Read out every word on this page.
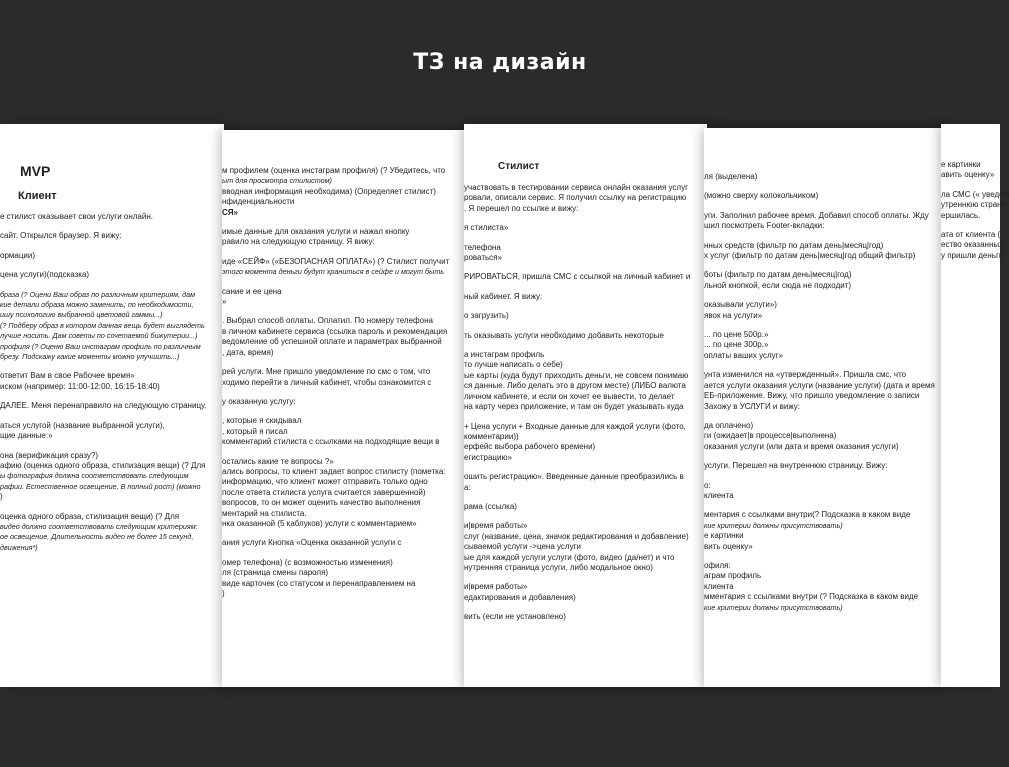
ТЗ на дизайн
MVP
Клиент
е стилист оказывает свои услуги онлайн.
сайт. Открылся браузер. Я вижу:
ормации)
цена услуги)(подсказка)
браза (? Оцени Ваш образ по различным критериям, дам
кие детали образа можно заменить; по необходимости,
ишу психологию выбранной цветовой гаммы...)
(? Подберу образ в котором данная вещь будет выглядеть
лучше носить. Дам советы по сочетаемой бижутерии...)
профиля (? Оценю Ваш инстаграм профиль по различным
брезу. Подскажу какие моменты можно улучшить...)
ответит Вам в свое Рабочее время»
иском (например: 11:00-12:00, 16:15-18:40)
ДАЛЕЕ. Меня перенаправило на следующую страницу.
аться услугой (название выбранной услуги),
щие данные:»
она (верификация сразу?)
афию (оценка одного образа, стилизация вещи) (? Для
ы фотография должна соответствовать следующим
рафии. Естественное освещение, В полный рост) (можно
)
оценка одного образа, стилизация вещи) (? Для
видео должно соответствовать следующим критериям:
ое освещение, Длительность видео не более 15 секунд,
движения*)
м профилем (оценка инстаграм профиля) (? Убедитесь, что
ыт для просмотра стилистом)
вводная информация необходима) (Определяет стилист)
нфиденциальности
СЯ»
имые данные для оказания услуги и нажал кнопку
равило на следующую страницу. Я вижу:
иде «СЕЙФ» («БЕЗОПАСНАЯ ОПЛАТА») (? Стилист получит
этого момента деньги будут храниться в сейфе и могут быть
сание и ее цена
»
. Выбрал способ оплаты. Оплатил. По номеру телефона
в личном кабинете сервиса (ссылка пароль и рекомендация
ведомление об успешной оплате и параметрах выбранной
, дата, время)
рей услуги. Мне пришло уведомление по смс о том, что
ходимо перейти в личный кабинет, чтобы ознакомится с
у оказанную услугу:
, которые я скидывал
, который я писал
комментарий стилиста с ссылками на подходящие вещи в
остались какие те вопросы ?»
ались вопросы, то клиент задает вопрос стилисту (пометка:
информацию, что клиент может отправить только одно
после ответа стилиста услуга считается завершенной)
вопросов, то он может оценить качество выполнения
ментарий на стилиста.
нка оказанной (5 каблуков) услуги с комментарием»
ания услуги Кнопка «Оценка оказанной услуги с
омер телефона) (с возможностью изменения)
ля (страница смены пароля)
виде карточек (со статусом и перенаправлением на
)
Стилист
участвовать в тестировании сервиса онлайн оказания услуг
ровали, описали сервис. Я получил ссылку на регистрацию
. Я перешел по ссылке и вижу:
я стилиста»
телефона
роваться»
РИРОВАТЬСЯ, пришла СМС с ссылкой на личный кабинет и
ный кабинет. Я вижу:
о загрузить)
ть оказывать услуги необходимо добавить некоторые
а инстаграм профиль
то лучше написать о себе)
ые карты (куда будут приходить деньги, не совсем понимаю
ся данные. Либо делать это в другом месте) (ЛИБО валюта
личном кабинете, и если он хочет ее вывести, то делает
на карту через приложение, и там он будет указывать куда
+ Цена услуги + Входные данные для каждой услуги (фото,
комментарии))
ерфейс выбора рабочего времени)
егистрацию»
ошить регистрацию». Введенные данные преобразились в
а:
рама (ссылка)
и|время работы»
слуг (название, цена, значок редактирования и добавление)
сываемой услуги ->цена услуги
ые для каждой услуги услуги (фото, видео (да/нет) и что
нутренняя страница услуги, либо модальное окно)
и|время работы»
едактирования и добавления)
вить (если не установлено)
ля (выделена)
(можно сверху колокольчиком)
уги. Заполнил рабочее время. Добавил способ оплаты. Жду
шил посмотреть Footer-вкладки:
нных средств (фильтр по датам день|месяц|год)
х услуг (фильтр по датам день|месяц|год общий фильтр)
боты (фильтр по датам день|месяц|год)
льной кнопкой, если сюда не подходит)
оказывали услуги»)
явок на услуги»
... по цене 500р.»
... по цене 300р.»
оплаты ваших услуг»
унта изменился на «утвержденный». Пришла смс, что
ается услуги оказания услуги (название услуги) (дата и время
ЕБ-приложение. Вижу, что пришло уведомление о записи
Захожу в УСЛУГИ и вижу:
да оплачено)
ги (ожидает|в процессе|выполнена)
оказания услуги (или дата и время оказания услуги)
услуги. Перешел на внутреннюю страницу. Вижу:
о:
клиента
ментария с ссылками внутри(? Подсказка в каком виде
кие критерии должны присутствовать)
е картинки
вить оценку»
офиля:
аграм профиль
клиента
мментария с ссылками внутри (? Подсказка в каком виде
кие критерии должны присутствовать)
е картинки
авить оценку»
ла СМС (« уведом
утреннюю страни
ершилась.
ата от клиента (
ество оказанных
у пришли деньги
